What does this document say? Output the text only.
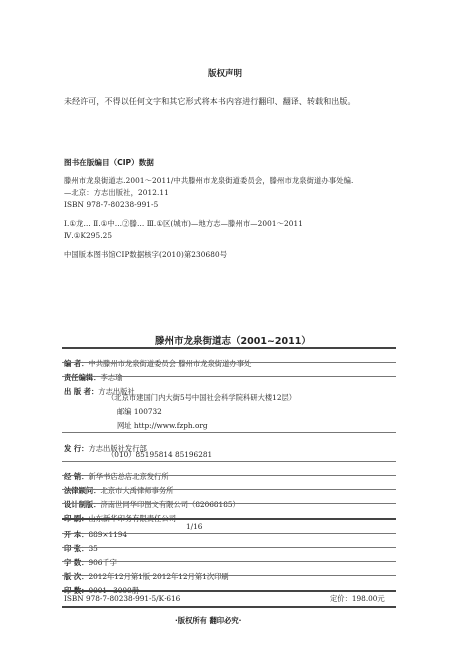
版权声明
未经许可，不得以任何文字和其它形式将本书内容进行翻印、翻译、转载和出版。
图书在版编目（CIP）数据
滕州市龙泉街道志.2001～2011/中共滕州市龙泉街道委员会，滕州市龙泉街道办事处编.
—北京：方志出版社，2012.11
ISBN 978-7-80238-991-5
Ⅰ.①龙… Ⅱ.①中…②滕… Ⅲ.①区(城市)—地方志—滕州市—2001～2011
Ⅳ.①K295.25
中国版本图书馆CIP数据核字(2010)第230680号
滕州市龙泉街道志（2001~2011）
编 者：中共滕州市龙泉街道委员会 滕州市龙泉街道办事处
责任编辑：李志瑜
出 版 者：方志出版社
（北京市建国门内大街5号中国社会科学院科研大楼12层）
邮编 100732
网址 http://www.fzph.org
发 行：方志出版社发行部
（010）85195814 85196281
经 销：新华书店总店北京发行所
法律顾问：北京市大禹律师事务所
设计制版：济南世同华印图文有限公司（82068185）
开 本：889×1194
1/16
印 张：35
字 数：906千字
版 次：2012年12月第1版 2012年12月第1次印刷
ISBN 978-7-80238-991-5/K·616	定价：198.00元
·版权所有 翻印必究·
